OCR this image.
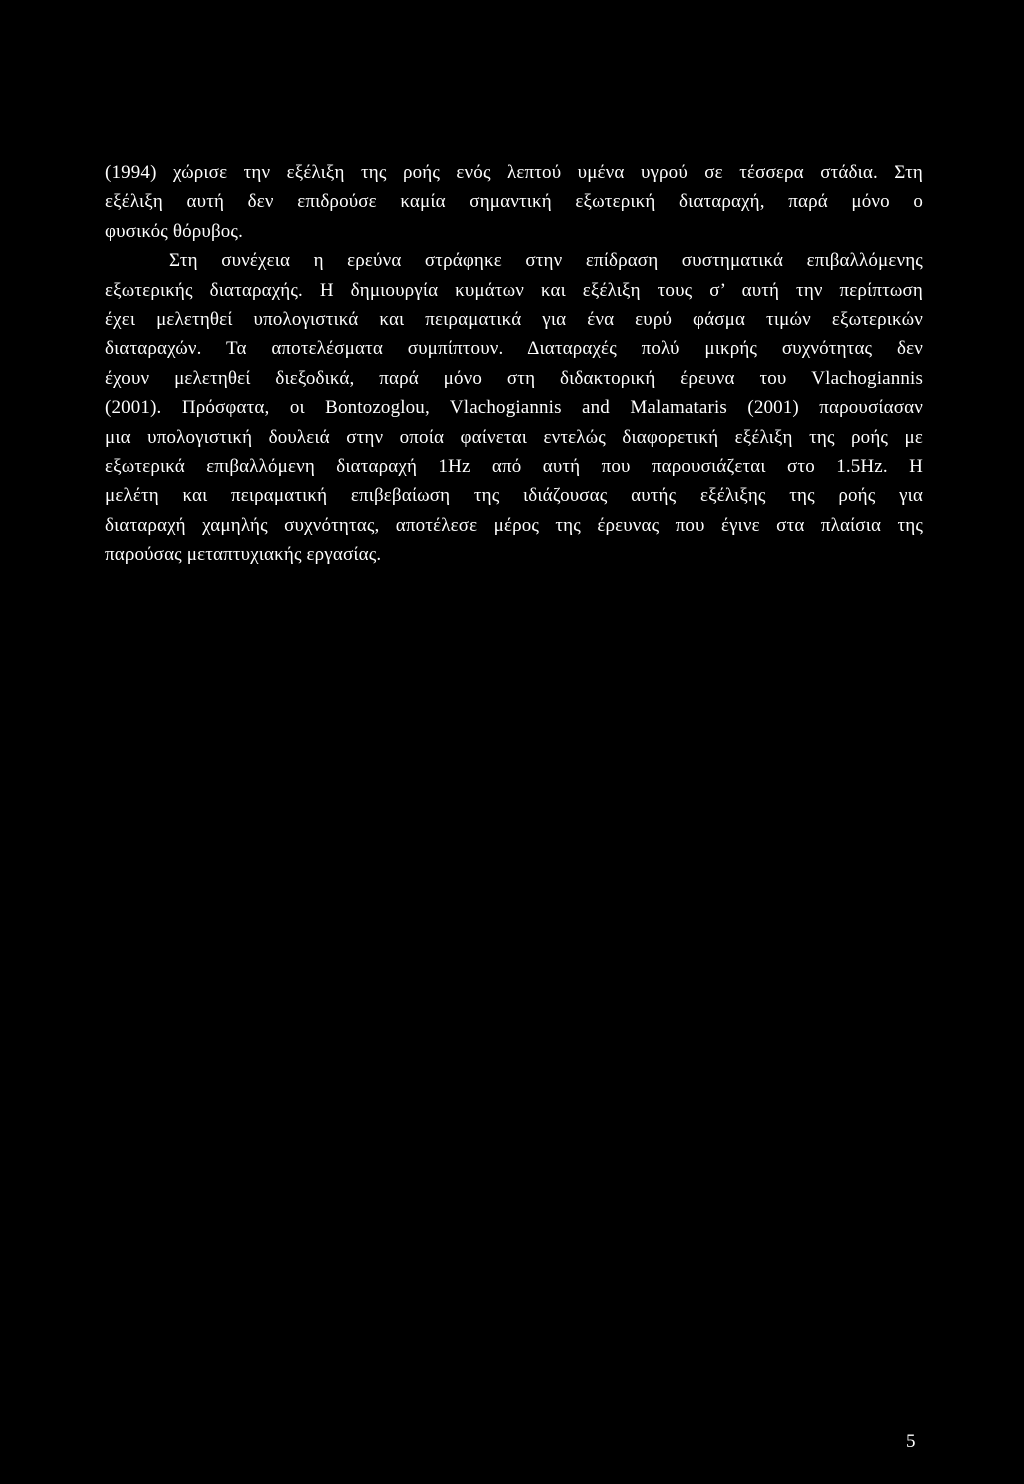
(1994) χώρισε την εξέλιξη της ροής ενός λεπτού υμένα υγρού σε τέσσερα στάδια. Στη
εξέλιξη αυτή δεν επιδρούσε καμία σημαντική εξωτερική διαταραχή, παρά μόνο ο
φυσικός θόρυβος.
Στη συνέχεια η ερεύνα στράφηκε στην επίδραση συστηματικά επιβαλλόμενης
εξωτερικής διαταραχής. Η δημιουργία κυμάτων και εξέλιξη τους σ’ αυτή την περίπτωση
έχει μελετηθεί υπολογιστικά και πειραματικά για ένα ευρύ φάσμα τιμών εξωτερικών
διαταραχών. Τα αποτελέσματα συμπίπτουν. Διαταραχές πολύ μικρής συχνότητας δεν
έχουν μελετηθεί διεξοδικά, παρά μόνο στη διδακτορική έρευνα του Vlachogiannis
(2001). Πρόσφατα, οι Bontozoglou, Vlachogiannis and Malamataris (2001) παρουσίασαν
μια υπολογιστική δουλειά στην οποία φαίνεται εντελώς διαφορετική εξέλιξη της ροής με
εξωτερικά επιβαλλόμενη διαταραχή 1Hz από αυτή που παρουσιάζεται στο 1.5Hz. Η
μελέτη και πειραματική επιβεβαίωση της ιδιάζουσας αυτής εξέλιξης της ροής για
διαταραχή χαμηλής συχνότητας, αποτέλεσε μέρος της έρευνας που έγινε στα πλαίσια της
παρούσας μεταπτυχιακής εργασίας.
5
